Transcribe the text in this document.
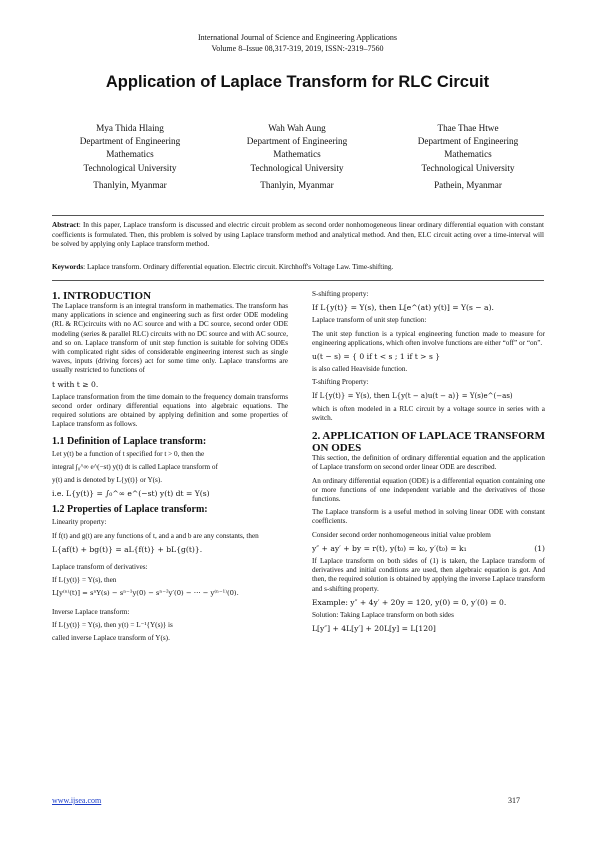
International Journal of Science and Engineering Applications
Volume 8–Issue 08,317-319, 2019, ISSN:-2319–7560
Application of Laplace Transform for RLC Circuit
Mya Thida Hlaing
Department of Engineering
Mathematics
Technological University
Thanlyin, Myanmar
Wah Wah Aung
Department of Engineering
Mathematics
Technological University
Thanlyin, Myanmar
Thae Thae Htwe
Department of Engineering
Mathematics
Technological University
Pathein, Myanmar
Abstract: In this paper, Laplace transform is discussed and electric circuit problem as second order nonhomogeneous linear ordinary differential equation with constant coefficients is formulated. Then, this problem is solved by using Laplace transform method and analytical method. And then, ELC circuit acting over a time-interval will be solved by applying only Laplace transform method.
Keywords: Laplace transform. Ordinary differential equation. Electric circuit. Kirchhoff's Voltage Law. Time-shifting.
1. INTRODUCTION

The Laplace transform is an integral transform in mathematics. The transform has many applications in science and engineering such as first order ODE modeling (RL & RC)circuits with no AC source and with a DC source, second order ODE modeling (series & parallel RLC) circuits with no DC source and with AC source, and so on. Laplace transform of unit step function is suitable for solving ODEs with complicated right sides of considerable engineering interest such as single waves, inputs (driving forces) act for some time only. Laplace transforms are usually restricted to functions of

t with t ≥ 0.

Laplace transformation from the time domain to the frequency domain transforms second order ordinary differential equations into algebraic equations. The required solutions are obtained by applying definition and some properties of Laplace transform as follows.

1.1 Definition of Laplace transform:

Let y(t) be a function of t specified for t > 0, then the

integral ∫₀^∞ e^(−st) y(t) dt is called Laplace transform of

y(t) and is denoted by L{y(t)} or Y(s).

i.e. L{y(t)} = ∫₀^∞ e^(−st) y(t) dt = Y(s)
1.2 Properties of Laplace transform:

Linearity property:

If f(t) and g(t) are any functions of t, and a and b are any constants, then

L{af(t) + bg(t)} = aL{f(t)} + bL{g(t)}.

Laplace transform of derivatives:

If L{y(t)} = Y(s), then

L[y⁽ⁿ⁾(t)] = sⁿY(s) − sⁿ⁻¹y(0) − sⁿ⁻²y′(0) − ⋯ − y⁽ⁿ⁻¹⁾(0).

Inverse Laplace transform:

If L{y(t)} = Y(s), then y(t) = L⁻¹{Y(s)} is

called inverse Laplace transform of Y(s).

S-shifting property:

If L{y(t)} = Y(s), then L[e^(at) y(t)] = Y(s − a).

Laplace transform of unit step function:

The unit step function is a typical engineering function made to measure for engineering applications, which often involve functions are either “off” or “on”.

u(t − s) = { 0 if t < s ; 1 if t > s }

is also called Heaviside function.

T-shifting Property:

If L{y(t)} = Y(s), then L{y(t − a)u(t − a)} = Y(s)e^(−as)

which is often modeled in a RLC circuit by a voltage source in series with a switch.

2. APPLICATION OF LAPLACE TRANSFORM ON ODES

This section, the definition of ordinary differential equation and the application of Laplace transform on second order linear ODE are described.

An ordinary differential equation (ODE) is a differential equation containing one or more functions of one independent variable and the derivatives of those functions.

The Laplace transform is a useful method in solving linear ODE with constant coefficients.

Consider second order nonhomogeneous initial value problem

y″ + ay′ + by = r(t), y(t₀) = k₀, y′(t₀) = k₁	(1)

If Laplace transform on both sides of (1) is taken, the Laplace transform of derivatives and initial conditions are used, then algebraic equation is got. And then, the required solution is obtained by applying the inverse Laplace transform and s-shifting property.

Example: y″ + 4y′ + 20y = 120, y(0) = 0, y′(0) = 0.

Solution: Taking Laplace transform on both sides

L[y″] + 4L[y′] + 20L[y] = L[120]
www.ijsea.com	317
